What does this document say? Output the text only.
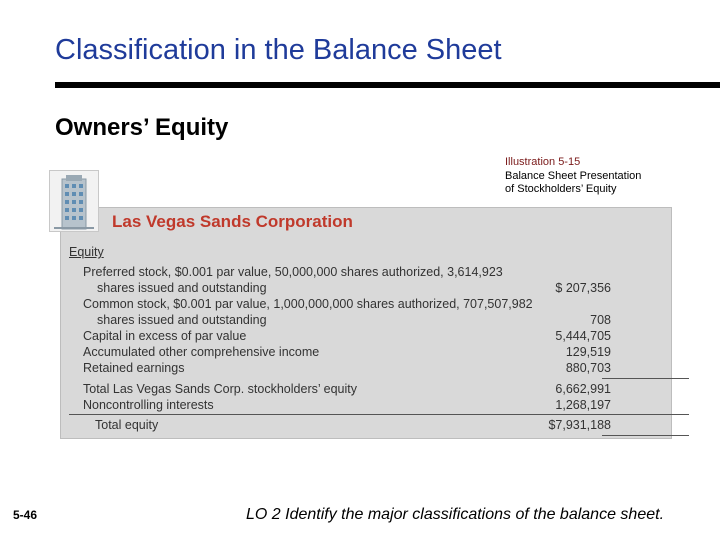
Classification in the Balance Sheet
Owners’ Equity
Illustration 5-15
Balance Sheet Presentation
of Stockholders’ Equity
Equity
Preferred stock, $0.001 par value, 50,000,000 shares authorized, 3,614,923
shares issued and outstanding	$ 207,356
Common stock, $0.001 par value, 1,000,000,000 shares authorized, 707,507,982
shares issued and outstanding	708
Capital in excess of par value	5,444,705
Accumulated other comprehensive income	129,519
Retained earnings	880,703
Total Las Vegas Sands Corp. stockholders’ equity	6,662,991
Noncontrolling interests	1,268,197
Total equity	$7,931,188
Las Vegas Sands Corporation
5-46	LO 2 Identify the major classifications of the balance sheet.
